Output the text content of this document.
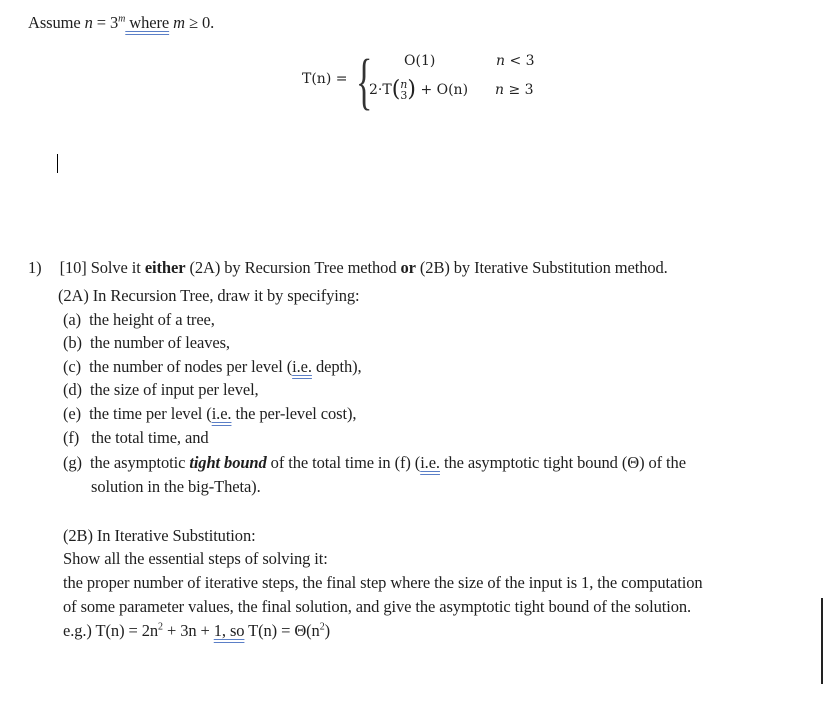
Assume $n = 3^m$ where m ≥ 0.
T(n) = { O(1)	n < 3
2·T( n
3 ) + O(n) n ≥ 3
1) [10] Solve it either (2A) by Recursion Tree method or (2B) by Iterative Substitution method.
(2A) In Recursion Tree, draw it by specifying:
(a) the height of a tree,
(b) the number of leaves,
(c) the number of nodes per level (i.e. depth),
(d) the size of input per level,
(e) the time per level (i.e. the per-level cost),
(f) the total time, and
(g) the asymptotic tight bound of the total time in (f) (i.e. the asymptotic tight bound (Θ) of the
solution in the big-Theta).
(2B) In Iterative Substitution:
Show all the essential steps of solving it:
the proper number of iterative steps, the final step where the size of the input is 1, the computation
of some parameter values, the final solution, and give the asymptotic tight bound of the solution.
e.g.) $T(n) = 2n^2 + 3n + 1$, so $T(n) = \Theta(n^2)$
